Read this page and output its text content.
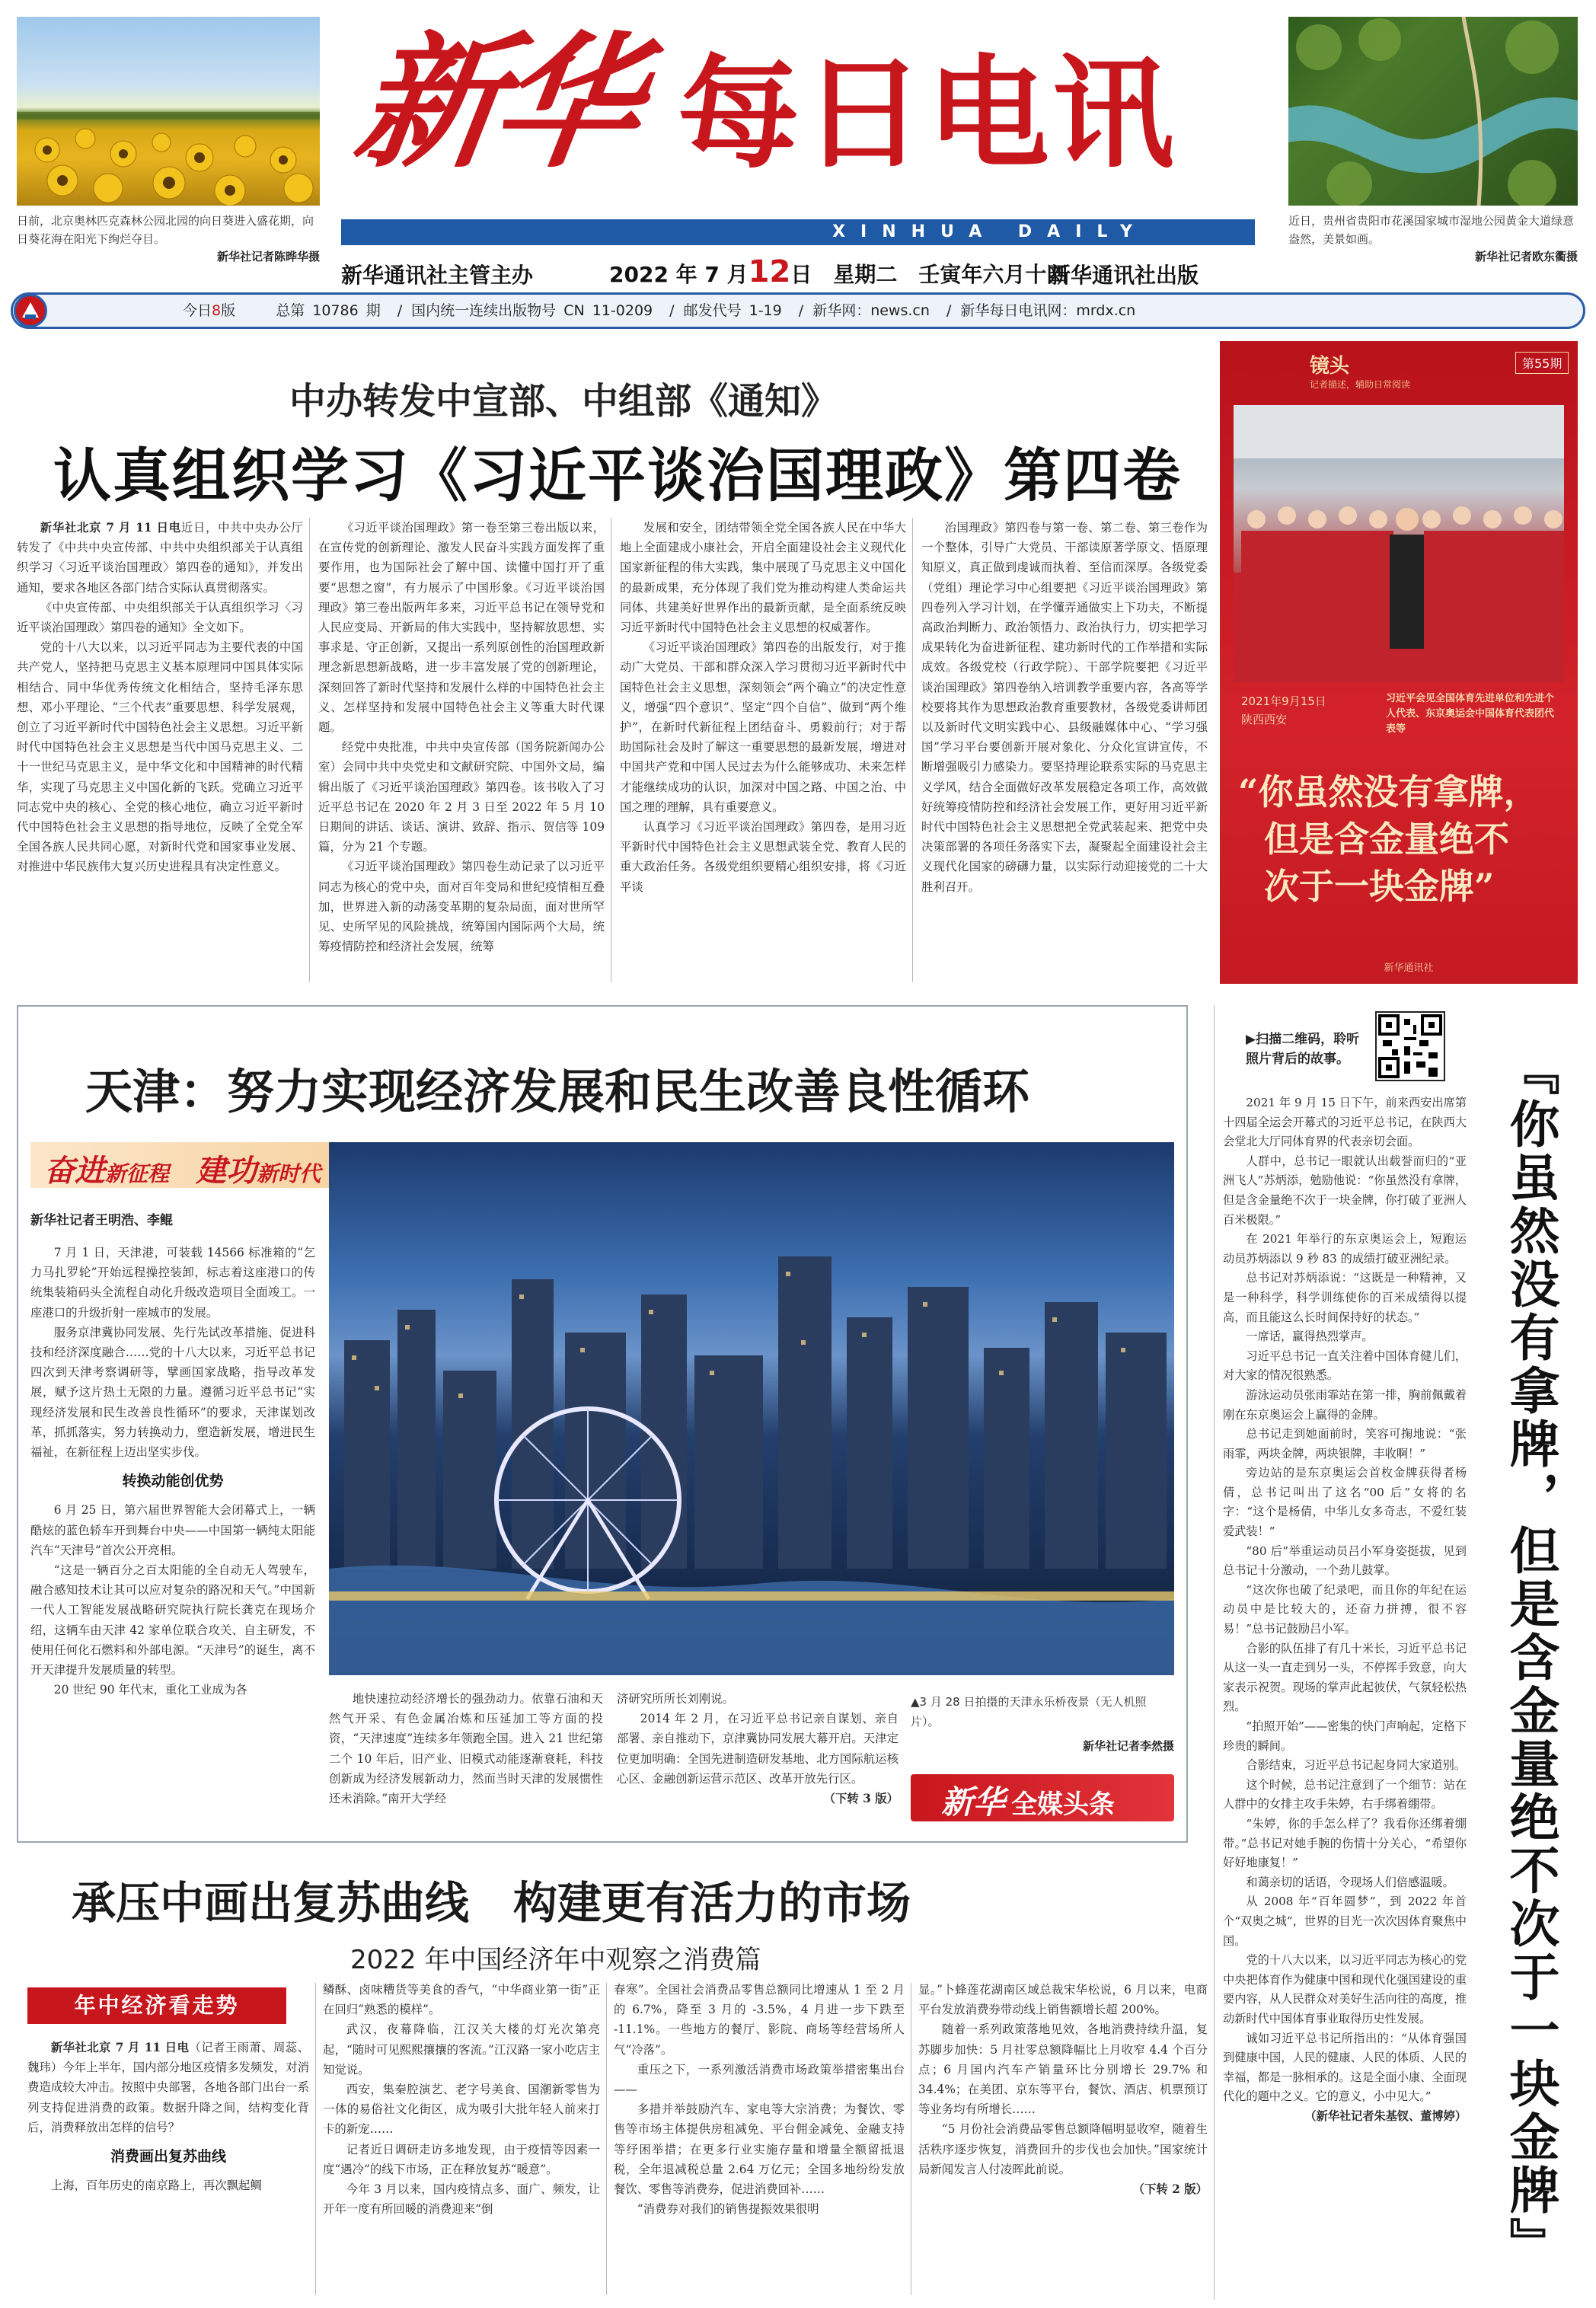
日前，北京奥林匹克森林公园北园的向日葵进入盛花期，向日葵花海在阳光下绚烂夺目。
新华社记者陈晔华摄
近日，贵州省贵阳市花溪国家城市湿地公园黄金大道绿意盎然，美景如画。
新华社记者欧东衢摄
新华 每日电讯
XINHUA DAILY TELEGRAPH
新华通讯社主管主办	2022 年 7 月12日　星期二　壬寅年六月十四
新华通讯社出版
今日8版 　	总第 10786 期 / 国内统一连续出版物号 CN 11-0209 / 邮发代号 1-19 / 新华网：news.cn / 新华每日电讯网：mrdx.cn
中办转发中宣部、中组部《通知》
认真组织学习《习近平谈治国理政》第四卷

新华社北京 7 月 11 日电近日，中共中央办公厅转发了《中共中央宣传部、中共中央组织部关于认真组织学习〈习近平谈治国理政〉第四卷的通知》，并发出通知，要求各地区各部门结合实际认真贯彻落实。

《中央宣传部、中央组织部关于认真组织学习〈习近平谈治国理政〉第四卷的通知》全文如下。

党的十八大以来，以习近平同志为主要代表的中国共产党人，坚持把马克思主义基本原理同中国具体实际相结合、同中华优秀传统文化相结合，坚持毛泽东思想、邓小平理论、“三个代表”重要思想、科学发展观，创立了习近平新时代中国特色社会主义思想。习近平新时代中国特色社会主义思想是当代中国马克思主义、二十一世纪马克思主义，是中华文化和中国精神的时代精华，实现了马克思主义中国化新的飞跃。党确立习近平同志党中央的核心、全党的核心地位，确立习近平新时代中国特色社会主义思想的指导地位，反映了全党全军全国各族人民共同心愿，对新时代党和国家事业发展、对推进中华民族伟大复兴历史进程具有决定性意义。

《习近平谈治国理政》第一卷至第三卷出版以来，在宣传党的创新理论、激发人民奋斗实践方面发挥了重要作用，也为国际社会了解中国、读懂中国打开了重要“思想之窗”，有力展示了中国形象。《习近平谈治国理政》第三卷出版两年多来，习近平总书记在领导党和人民应变局、开新局的伟大实践中，坚持解放思想、实事求是、守正创新，又提出一系列原创性的治国理政新理念新思想新战略，进一步丰富发展了党的创新理论，深刻回答了新时代坚持和发展什么样的中国特色社会主义、怎样坚持和发展中国特色社会主义等重大时代课题。

经党中央批准，中共中央宣传部（国务院新闻办公室）会同中共中央党史和文献研究院、中国外文局，编辑出版了《习近平谈治国理政》第四卷。该书收入了习近平总书记在 2020 年 2 月 3 日至 2022 年 5 月 10 日期间的讲话、谈话、演讲、致辞、指示、贺信等 109 篇，分为 21 个专题。

《习近平谈治国理政》第四卷生动记录了以习近平同志为核心的党中央，面对百年变局和世纪疫情相互叠加，世界进入新的动荡变革期的复杂局面，面对世所罕见、史所罕见的风险挑战，统筹国内国际两个大局，统筹疫情防控和经济社会发展，统筹

发展和安全，团结带领全党全国各族人民在中华大地上全面建成小康社会，开启全面建设社会主义现代化国家新征程的伟大实践，集中展现了马克思主义中国化的最新成果，充分体现了我们党为推动构建人类命运共同体、共建美好世界作出的最新贡献，是全面系统反映习近平新时代中国特色社会主义思想的权威著作。

《习近平谈治国理政》第四卷的出版发行，对于推动广大党员、干部和群众深入学习贯彻习近平新时代中国特色社会主义思想，深刻领会“两个确立”的决定性意义，增强“四个意识”、坚定“四个自信”、做到“两个维护”，在新时代新征程上团结奋斗、勇毅前行；对于帮助国际社会及时了解这一重要思想的最新发展，增进对中国共产党和中国人民过去为什么能够成功、未来怎样才能继续成功的认识，加深对中国之路、中国之治、中国之理的理解，具有重要意义。

认真学习《习近平谈治国理政》第四卷，是用习近平新时代中国特色社会主义思想武装全党、教育人民的重大政治任务。各级党组织要精心组织安排，将《习近平谈

治国理政》第四卷与第一卷、第二卷、第三卷作为一个整体，引导广大党员、干部读原著学原文、悟原理知原义，真正做到虔诚而执着、至信而深厚。各级党委（党组）理论学习中心组要把《习近平谈治国理政》第四卷列入学习计划，在学懂弄通做实上下功夫，不断提高政治判断力、政治领悟力、政治执行力，切实把学习成果转化为奋进新征程、建功新时代的工作举措和实际成效。各级党校（行政学院）、干部学院要把《习近平谈治国理政》第四卷纳入培训教学重要内容，各高等学校要将其作为思想政治教育重要教材，各级党委讲师团以及新时代文明实践中心、县级融媒体中心、“学习强国”学习平台要创新开展对象化、分众化宣讲宣传，不断增强吸引力感染力。要坚持理论联系实际的马克思主义学风，结合全面做好改革发展稳定各项工作，高效做好统筹疫情防控和经济社会发展工作，更好用习近平新时代中国特色社会主义思想把全党武装起来、把党中央决策部署的各项任务落实下去，凝聚起全面建设社会主义现代化国家的磅礴力量，以实际行动迎接党的二十大胜利召开。

镜头
记者描述，辅助日常阅读
第55期
2021年9月15日
陕西西安
习近平会见全国体育先进单位和先进个人代表、东京奥运会中国体育代表团代表等
“你虽然没有拿牌，
但是含金量绝不
次于一块金牌”
新华通讯社
▶扫描二维码，聆听照片背后的故事。	『你虽然没有拿牌，但是含金量绝不次于一块金牌』

2021 年 9 月 15 日下午，前来西安出席第十四届全运会开幕式的习近平总书记，在陕西大会堂北大厅同体育界的代表亲切会面。

人群中，总书记一眼就认出载誉而归的“亚洲飞人”苏炳添，勉励他说：“你虽然没有拿牌，但是含金量绝不次于一块金牌，你打破了亚洲人百米极限。”

在 2021 年举行的东京奥运会上，短跑运动员苏炳添以 9 秒 83 的成绩打破亚洲纪录。

总书记对苏炳添说：“这既是一种精神，又是一种科学，科学训练使你的百米成绩得以提高，而且能这么长时间保持好的状态。”

一席话，赢得热烈掌声。

习近平总书记一直关注着中国体育健儿们，对大家的情况很熟悉。

游泳运动员张雨霏站在第一排，胸前佩戴着刚在东京奥运会上赢得的金牌。

总书记走到她面前时，笑容可掬地说：“张雨霏，两块金牌，两块银牌，丰收啊！”

旁边站的是东京奥运会首枚金牌获得者杨倩，总书记叫出了这名“00 后”女将的名字：“这个是杨倩，中华儿女多奇志，不爱红装爱武装！”

“80 后”举重运动员吕小军身姿挺拔，见到总书记十分激动，一个劲儿鼓掌。

“这次你也破了纪录吧，而且你的年纪在运动员中是比较大的，还奋力拼搏，很不容易！”总书记鼓励吕小军。

合影的队伍排了有几十米长，习近平总书记从这一头一直走到另一头，不停挥手致意，向大家表示祝贺。现场的掌声此起彼伏，气氛轻松热烈。

“拍照开始”——密集的快门声响起，定格下珍贵的瞬间。

合影结束，习近平总书记起身同大家道别。

这个时候，总书记注意到了一个细节：站在人群中的女排主攻手朱婷，右手绑着绷带。

“朱婷，你的手怎么样了？我看你还绑着绷带。”总书记对她手腕的伤情十分关心，“希望你好好地康复！”

和蔼亲切的话语，令现场人们倍感温暖。

从 2008 年“百年圆梦”，到 2022 年首个“双奥之城”，世界的目光一次次因体育聚焦中国。

党的十八大以来，以习近平同志为核心的党中央把体育作为健康中国和现代化强国建设的重要内容，从人民群众对美好生活向往的高度，推动新时代中国体育事业取得历史性发展。

诚如习近平总书记所指出的：“从体育强国到健康中国，人民的健康、人民的体质、人民的幸福，都是一脉相承的。这是全面小康、全面现代化的题中之义。它的意义，小中见大。”

（新华社记者朱基钗、董博婷）

天津：努力实现经济发展和民生改善良性循环
奋进新征程 建功新时代
新华社记者王明浩、李鲲

7 月 1 日，天津港，可装载 14566 标准箱的“乞力马扎罗轮”开始远程操控装卸，标志着这座港口的传统集装箱码头全流程自动化升级改造项目全面竣工。一座港口的升级折射一座城市的发展。

服务京津冀协同发展、先行先试改革措施、促进科技和经济深度融合……党的十八大以来，习近平总书记四次到天津考察调研等，擘画国家战略，指导改革发展，赋予这片热土无限的力量。遵循习近平总书记“实现经济发展和民生改善良性循环”的要求，天津谋划改革，抓抓落实，努力转换动力，塑造新发展，增进民生福祉，在新征程上迈出坚实步伐。

转换动能创优势

6 月 25 日，第六届世界智能大会闭幕式上，一辆酷炫的蓝色轿车开到舞台中央——中国第一辆纯太阳能汽车“天津号”首次公开亮相。

“这是一辆百分之百太阳能的全自动无人驾驶车，融合感知技术让其可以应对复杂的路况和天气。”中国新一代人工智能发展战略研究院执行院长龚克在现场介绍，这辆车由天津 42 家单位联合攻关、自主研发，不使用任何化石燃料和外部电源。“天津号”的诞生，离不开天津提升发展质量的转型。

20 世纪 90 年代末，重化工业成为各

地快速拉动经济增长的强劲动力。依靠石油和天然气开采、有色金属冶炼和压延加工等方面的投资，“天津速度”连续多年领跑全国。进入 21 世纪第二个 10 年后，旧产业、旧模式动能逐渐衰耗，科技创新成为经济发展新动力，然而当时天津的发展惯性还未消除。”南开大学经

济研究所所长刘刚说。

2014 年 2 月，在习近平总书记亲自谋划、亲自部署、亲自推动下，京津冀协同发展大幕开启。天津定位更加明确：全国先进制造研发基地、北方国际航运核心区、金融创新运营示范区、改革开放先行区。

（下转 3 版）

▲3 月 28 日拍摄的天津永乐桥夜景（无人机照片）。
新华社记者李然摄
新华 全媒头条
承压中画出复苏曲线　构建更有活力的市场
2022 年中国经济年中观察之消费篇
年中经济看走势

新华社北京 7 月 11 日电（记者王雨萧、周蕊、魏玮）今年上半年，国内部分地区疫情多发频发，对消费造成较大冲击。按照中央部署，各地各部门出台一系列支持促进消费的政策。数据升降之间，结构变化背后，消费释放出怎样的信号？

消费画出复苏曲线

上海，百年历史的南京路上，再次飘起鲷

鳞酥、卤味糟货等美食的香气，“中华商业第一街”正在回归“熟悉的模样”。

武汉，夜幕降临，江汉关大楼的灯光次第亮起，“随时可见熙熙攘攘的客流。”江汉路一家小吃店主知觉说。

西安，集秦腔演艺、老字号美食、国潮新零售为一体的易俗社文化街区，成为吸引大批年轻人前来打卡的新宠……

记者近日调研走访多地发现，由于疫情等因素一度“遇冷”的线下市场，正在释放复苏“暖意”。

今年 3 月以来，国内疫情点多、面广、频发，让开年一度有所回暖的消费迎来“倒

春寒”。全国社会消费品零售总额同比增速从 1 至 2 月的 6.7%，降至 3 月的 -3.5%，4 月进一步下跌至 -11.1%。一些地方的餐厅、影院、商场等经营场所人气“冷落”。

重压之下，一系列激活消费市场政策举措密集出台——

多措并举鼓励汽车、家电等大宗消费；为餐饮、零售等市场主体提供房租减免、平台佣金减免、金融支持等纾困举措；在更多行业实施存量和增量全额留抵退税，全年退减税总量 2.64 万亿元；全国多地纷纷发放餐饮、零售等消费券，促进消费回补……

“消费券对我们的销售提振效果很明

显。”卜蜂莲花湖南区域总裁宋华松说，6 月以来，电商平台发放消费券带动线上销售额增长超 200%。

随着一系列政策落地见效，各地消费持续升温，复苏脚步加快：5 月社零总额降幅比上月收窄 4.4 个百分点；6 月国内汽车产销量环比分别增长 29.7% 和 34.4%；在美团、京东等平台，餐饮、酒店、机票预订等业务均有所增长……

“5 月份社会消费品零售总额降幅明显收窄，随着生活秩序逐步恢复，消费回升的步伐也会加快。”国家统计局新闻发言人付凌晖此前说。

（下转 2 版）
